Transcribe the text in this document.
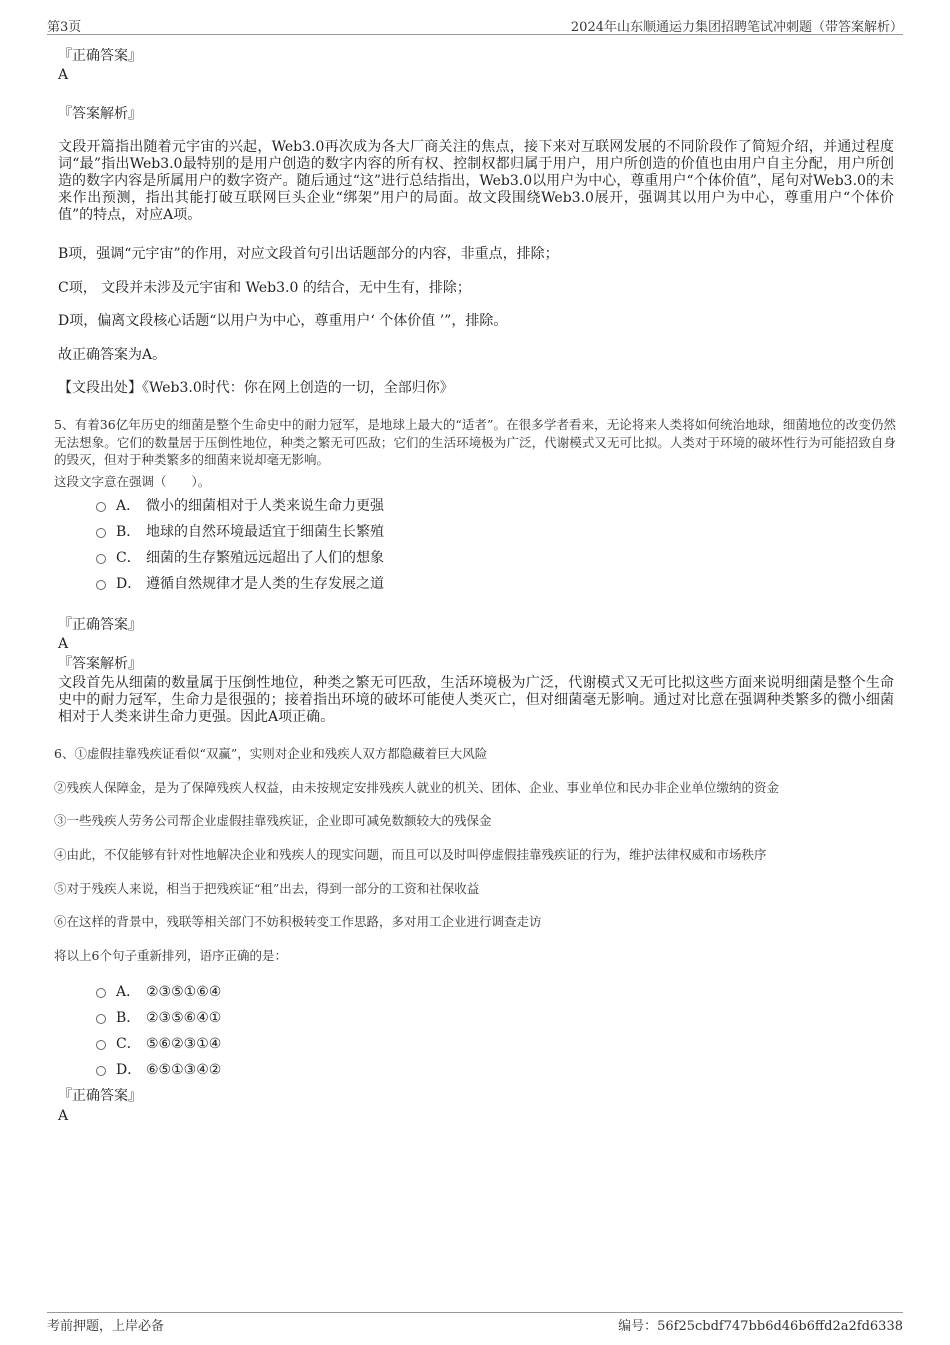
第3页	2024年山东顺通运力集团招聘笔试冲刺题（带答案解析）
『正确答案』
A
『答案解析』
文段开篇指出随着元宇宙的兴起，Web3.0再次成为各大厂商关注的焦点，接下来对互联网发展的不同阶段作了简短介绍，并通过程度词“最”指出Web3.0最特别的是用户创造的数字内容的所有权、控制权都归属于用户，用户所创造的价值也由用户自主分配，用户所创造的数字内容是所属用户的数字资产。随后通过“这”进行总结指出，Web3.0以用户为中心，尊重用户“个体价值”，尾句对Web3.0的未来作出预测，指出其能打破互联网巨头企业“绑架”用户的局面。故文段围绕Web3.0展开，强调其以用户为中心，尊重用户“个体价值”的特点，对应A项。
B项，强调“元宇宙”的作用，对应文段首句引出话题部分的内容，非重点，排除；
C项， 文段并未涉及元宇宙和 Web3.0 的结合，无中生有，排除；
D项，偏离文段核心话题“以用户为中心，尊重用户‘ 个体价值 ’”，排除。
故正确答案为A。
【文段出处】《Web3.0时代：你在网上创造的一切，全部归你》
5、有着36亿年历史的细菌是整个生命史中的耐力冠军，是地球上最大的“适者”。在很多学者看来，无论将来人类将如何统治地球，细菌地位的改变仍然无法想象。它们的数量居于压倒性地位，种类之繁无可匹敌；它们的生活环境极为广泛，代谢模式又无可比拟。人类对于环境的破坏性行为可能招致自身的毁灭，但对于种类繁多的细菌来说却毫无影响。
这段文字意在强调（　　）。
A． 微小的细菌相对于人类来说生命力更强
B． 地球的自然环境最适宜于细菌生长繁殖
C． 细菌的生存繁殖远远超出了人们的想象
D． 遵循自然规律才是人类的生存发展之道
『正确答案』
A
『答案解析』
文段首先从细菌的数量属于压倒性地位，种类之繁无可匹敌，生活环境极为广泛，代谢模式又无可比拟这些方面来说明细菌是整个生命史中的耐力冠军，生命力是很强的；接着指出环境的破坏可能使人类灭亡，但对细菌毫无影响。通过对比意在强调种类繁多的微小细菌相对于人类来讲生命力更强。因此A项正确。
6、①虚假挂靠残疾证看似“双赢”，实则对企业和残疾人双方都隐藏着巨大风险
②残疾人保障金，是为了保障残疾人权益，由未按规定安排残疾人就业的机关、团体、企业、事业单位和民办非企业单位缴纳的资金
③一些残疾人劳务公司帮企业虚假挂靠残疾证，企业即可减免数额较大的残保金
④由此，不仅能够有针对性地解决企业和残疾人的现实问题，而且可以及时叫停虚假挂靠残疾证的行为，维护法律权威和市场秩序
⑤对于残疾人来说，相当于把残疾证“租”出去，得到一部分的工资和社保收益
⑥在这样的背景中，残联等相关部门不妨积极转变工作思路，多对用工企业进行调查走访
将以上6个句子重新排列，语序正确的是：
A． ②③⑤①⑥④
B． ②③⑤⑥④①
C． ⑤⑥②③①④
D． ⑥⑤①③④②
『正确答案』
A
考前押题，上岸必备	编号：56f25cbdf747bb6d46b6ffd2a2fd6338
